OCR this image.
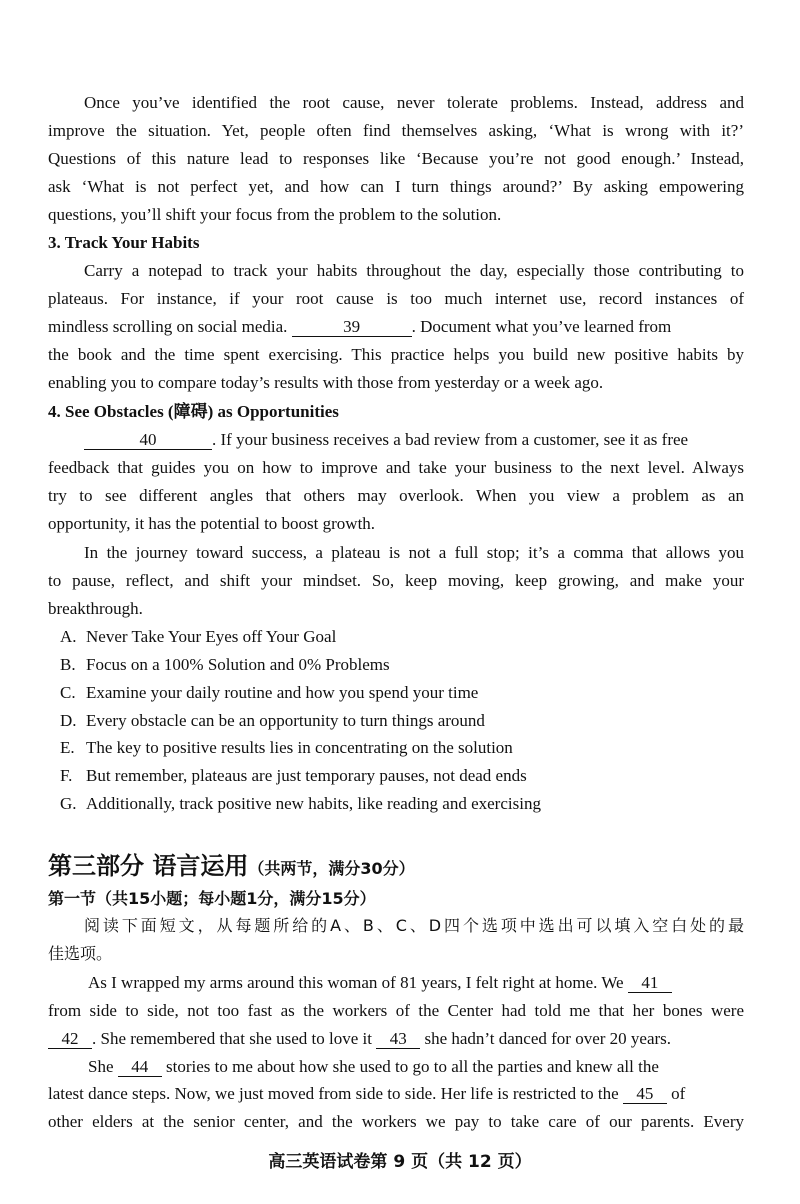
Once you’ve identified the root cause, never tolerate problems. Instead, address and
improve the situation. Yet, people often find themselves asking, ‘What is wrong with it?’
Questions of this nature lead to responses like ‘Because you’re not good enough.’ Instead,
ask ‘What is not perfect yet, and how can I turn things around?’ By asking empowering
questions, you’ll shift your focus from the problem to the solution.
3. Track Your Habits
Carry a notepad to track your habits throughout the day, especially those contributing to
plateaus. For instance, if your root cause is too much internet use, record instances of
mindless scrolling on social media.	39	. Document what you’ve learned from
the book and the time spent exercising. This practice helps you build new positive habits by
enabling you to compare today’s results with those from yesterday or a week ago.
4. See Obstacles (障碍) as Opportunities
40	. If your business receives a bad review from a customer, see it as free
feedback that guides you on how to improve and take your business to the next level. Always
try to see different angles that others may overlook. When you view a problem as an
opportunity, it has the potential to boost growth.
In the journey toward success, a plateau is not a full stop; it’s a comma that allows you
to pause, reflect, and shift your mindset. So, keep moving, keep growing, and make your
breakthrough.
A. Never Take Your Eyes off Your Goal
B. Focus on a 100% Solution and 0% Problems
C. Examine your daily routine and how you spend your time
D. Every obstacle can be an opportunity to turn things around
E. The key to positive results lies in concentrating on the solution
F. But remember, plateaus are just temporary pauses, not dead ends
G. Additionally, track positive new habits, like reading and exercising
第三部分 语言运用（共两节，满分30分）
第一节（共15小题；每小题1分，满分15分）
阅读下面短文，从每题所给的A、B、C、D四个选项中选出可以填入空白处的最
佳选项。
As I wrapped my arms around this woman of 81 years, I felt right at home. We 41
from side to side, not too fast as the workers of the Center had told me that her bones were
42 . She remembered that she used to love it 43 she hadn’t danced for over 20 years.
She 44 stories to me about how she used to go to all the parties and knew all the
latest dance steps. Now, we just moved from side to side. Her life is restricted to the 45 of
other elders at the senior center, and the workers we pay to take care of our parents. Every
高三英语试卷第 9 页（共 12 页）
